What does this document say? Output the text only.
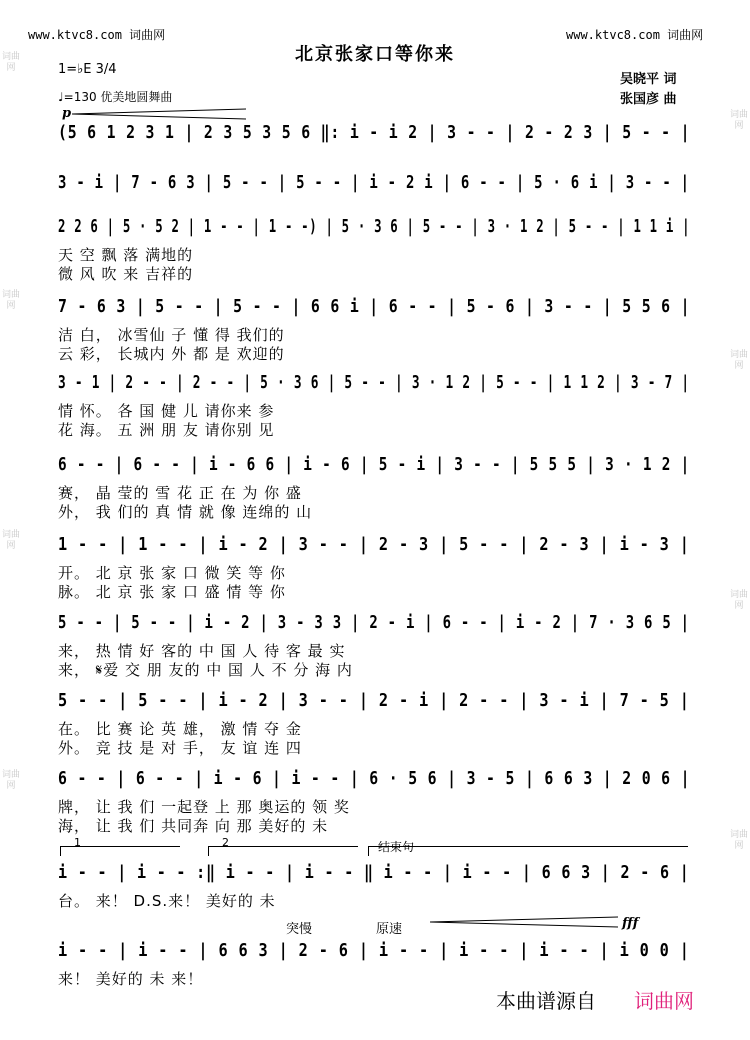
www.ktvc8.com 词曲网	www.ktvc8.com 词曲网
词曲网
词曲网
词曲网
词曲网
词曲网
词曲网
词曲网
词曲网
北京张家口等你来
吴晓平 词
张国彦 曲
1=♭E 3/4
♩=130 优美地圆舞曲
p
(5 6 1 2 3 1 | 2 3 5 3 5 6 ‖: i - i 2 | 3 - - | 2 - 2 3 | 5 - - |
3 - i | 7 - 6 3 | 5 - - | 5 - - | i - 2 i | 6 - - | 5 · 6 i | 3 - - |
2 2 6 | 5 · 5 2 | 1 - - | 1 - -) | 5 · 3 6 | 5 - - | 3 · 1 2 | 5 - - | 1 1 i |
天 空 飘 落 满地的
微 风 吹 来 吉祥的
7 - 6 3 | 5 - - | 5 - - | 6 6 i | 6 - - | 5 - 6 | 3 - - | 5 5 6 |
洁 白， 冰雪仙 子 懂 得 我们的
云 彩， 长城内 外 都 是 欢迎的
3 - 1 | 2 - - | 2 - - | 5 · 3 6 | 5 - - | 3 · 1 2 | 5 - - | 1 1 2 | 3 - 7 |
情 怀。 各 国 健 儿 请你来 参
花 海。 五 洲 朋 友 请你别 见
6 - - | 6 - - | i - 6 6 | i - 6 | 5 - i | 3 - - | 5 5 5 | 3 · 1 2 |
赛， 晶 莹的 雪 花 正 在 为 你 盛
外， 我 们的 真 情 就 像 连绵的 山
1 - - | 1 - - | i - 2 | 3 - - | 2 - 3 | 5 - - | 2 - 3 | i - 3 |
开。 北 京 张 家 口 微 笑 等 你
脉。 北 京 张 家 口 盛 情 等 你
5 - - | 5 - - | i - 2 | 3 - 3 3 | 2 - i | 6 - - | i - 2 | 7 · 3 6 5 |
来， 热 情 好 客的 中 国 人 待 客 最 实
来， 𝄋爱 交 朋 友的 中 国 人 不 分 海 内
5 - - | 5 - - | i - 2 | 3 - - | 2 - i | 2 - - | 3 - i | 7 - 5 |
在。 比 赛 论 英 雄， 激 情 夺 金
外。 竞 技 是 对 手， 友 谊 连 四
6 - - | 6 - - | i - 6 | i - - | 6 · 5 6 | 3 - 5 | 6 6 3 | 2 0 6 |
牌， 让 我 们 一起登 上 那 奥运的 领 奖
海， 让 我 们 共同奔 向 那 美好的 未
i - - | i - - :‖ i - - | i - - ‖ i - - | i - - | 6 6 3 | 2 - 6 |
台。 来！ D.S.来！ 美好的 未
i - - | i - - | 6 6 3 | 2 - 6 | i - - | i - - | i - - | i 0 0 |
来！ 美好的 未 来！
1	2	结束句
突慢	原速	fff
本曲谱源自 词曲网
